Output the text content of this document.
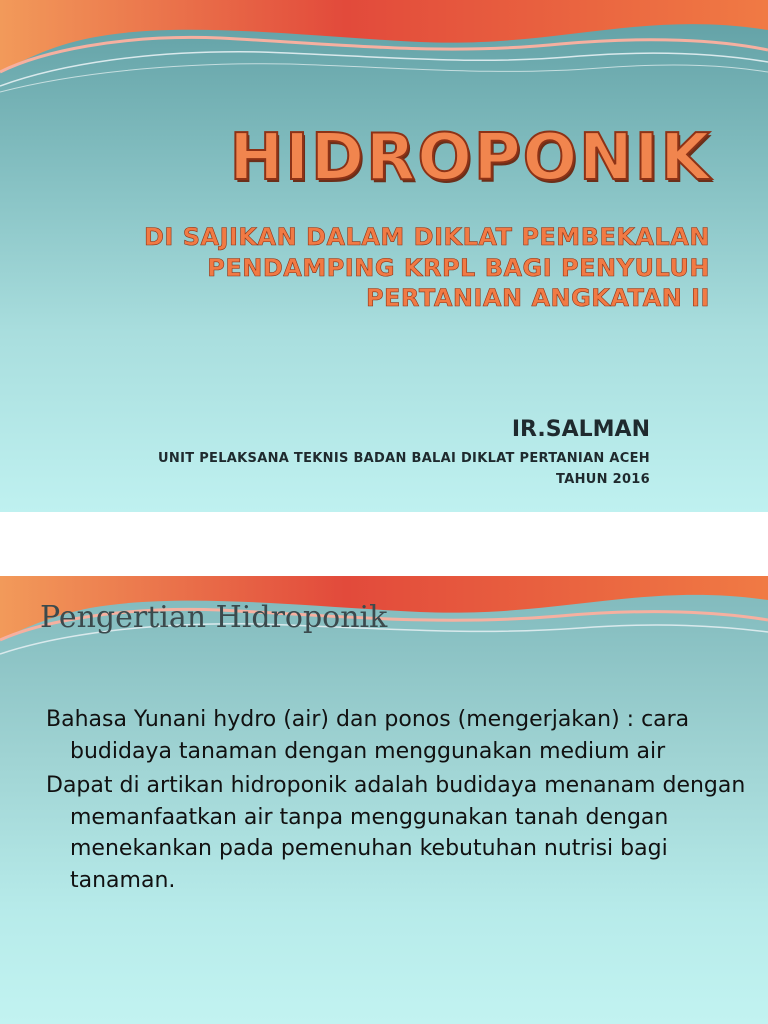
HIDROPONIK
DI SAJIKAN DALAM DIKLAT PEMBEKALAN
PENDAMPING KRPL BAGI PENYULUH
PERTANIAN ANGKATAN II
IR.SALMAN
UNIT PELAKSANA TEKNIS BADAN BALAI DIKLAT PERTANIAN ACEH
TAHUN 2016
Pengertian Hidroponik
Bahasa Yunani hydro (air) dan ponos (mengerjakan) : cara budidaya tanaman dengan menggunakan medium air
Dapat di artikan hidroponik adalah budidaya menanam dengan memanfaatkan air tanpa menggunakan tanah dengan menekankan pada pemenuhan kebutuhan nutrisi bagi tanaman.
